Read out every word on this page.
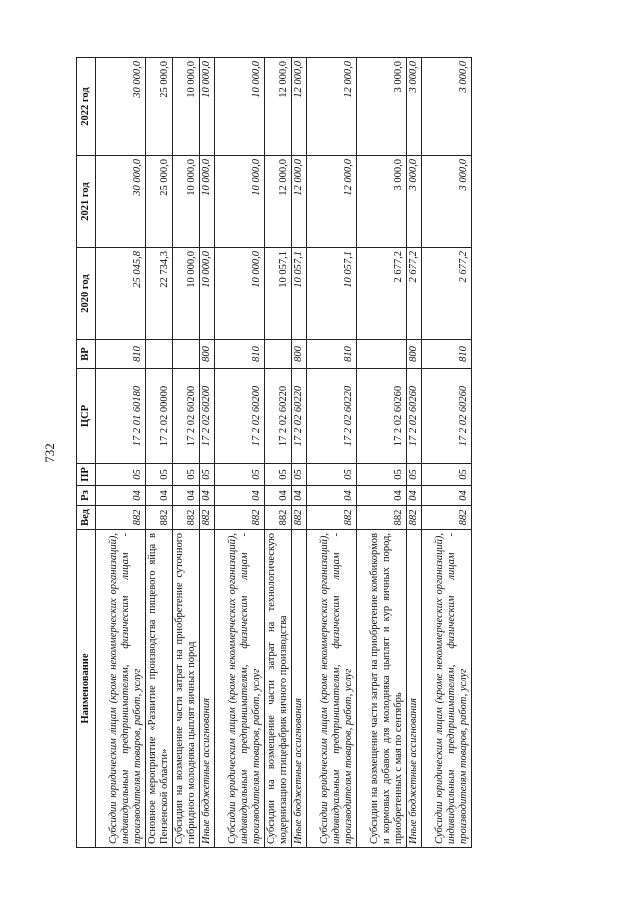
732
Наименование	Вед	Рз	ПР	ЦСР	ВР	2020 год	2021 год	2022 год
Субсидии юридическим лицам (кроме некоммерческих организаций), индивидуальным предпринимателям, физическим лицам - производителям товаров, работ, услуг	882	04	05	17 2 01 60180	810	25 045,8	30 000,0	30 000,0
Основное мероприятие «Развитие производства пищевого яйца в Пензенской области»	882	04	05	17 2 02 00000		22 734,3	25 000,0	25 000,0
Субсидии на возмещение части затрат на приобретение суточного гибридного молодняка цыплят яичных пород	882	04	05	17 2 02 60200		10 000,0	10 000,0	10 000,0
Иные бюджетные ассигнования	882	04	05	17 2 02 60200	800	10 000,0	10 000,0	10 000,0
Субсидии юридическим лицам (кроме некоммерческих организаций), индивидуальным предпринимателям, физическим лицам - производителям товаров, работ, услуг	882	04	05	17 2 02 60200	810	10 000,0	10 000,0	10 000,0
Субсидии на возмещение части затрат на технологическую модернизацию птицефабрик яичного производства	882	04	05	17 2 02 60220		10 057,1	12 000,0	12 000,0
Иные бюджетные ассигнования	882	04	05	17 2 02 60220	800	10 057,1	12 000,0	12 000,0
Субсидии юридическим лицам (кроме некоммерческих организаций), индивидуальным предпринимателям, физическим лицам - производителям товаров, работ, услуг	882	04	05	17 2 02 60220	810	10 057,1	12 000,0	12 000,0
Субсидии на возмещение части затрат на приобретение комбикормов и кормовых добавок для молодняка цыплят и кур яичных пород, приобретенных с мая по сентябрь	882	04	05	17 2 02 60260		2 677,2	3 000,0	3 000,0
Иные бюджетные ассигнования	882	04	05	17 2 02 60260	800	2 677,2	3 000,0	3 000,0
Субсидии юридическим лицам (кроме некоммерческих организаций), индивидуальным предпринимателям, физическим лицам - производителям товаров, работ, услуг	882	04	05	17 2 02 60260	810	2 677,2	3 000,0	3 000,0
